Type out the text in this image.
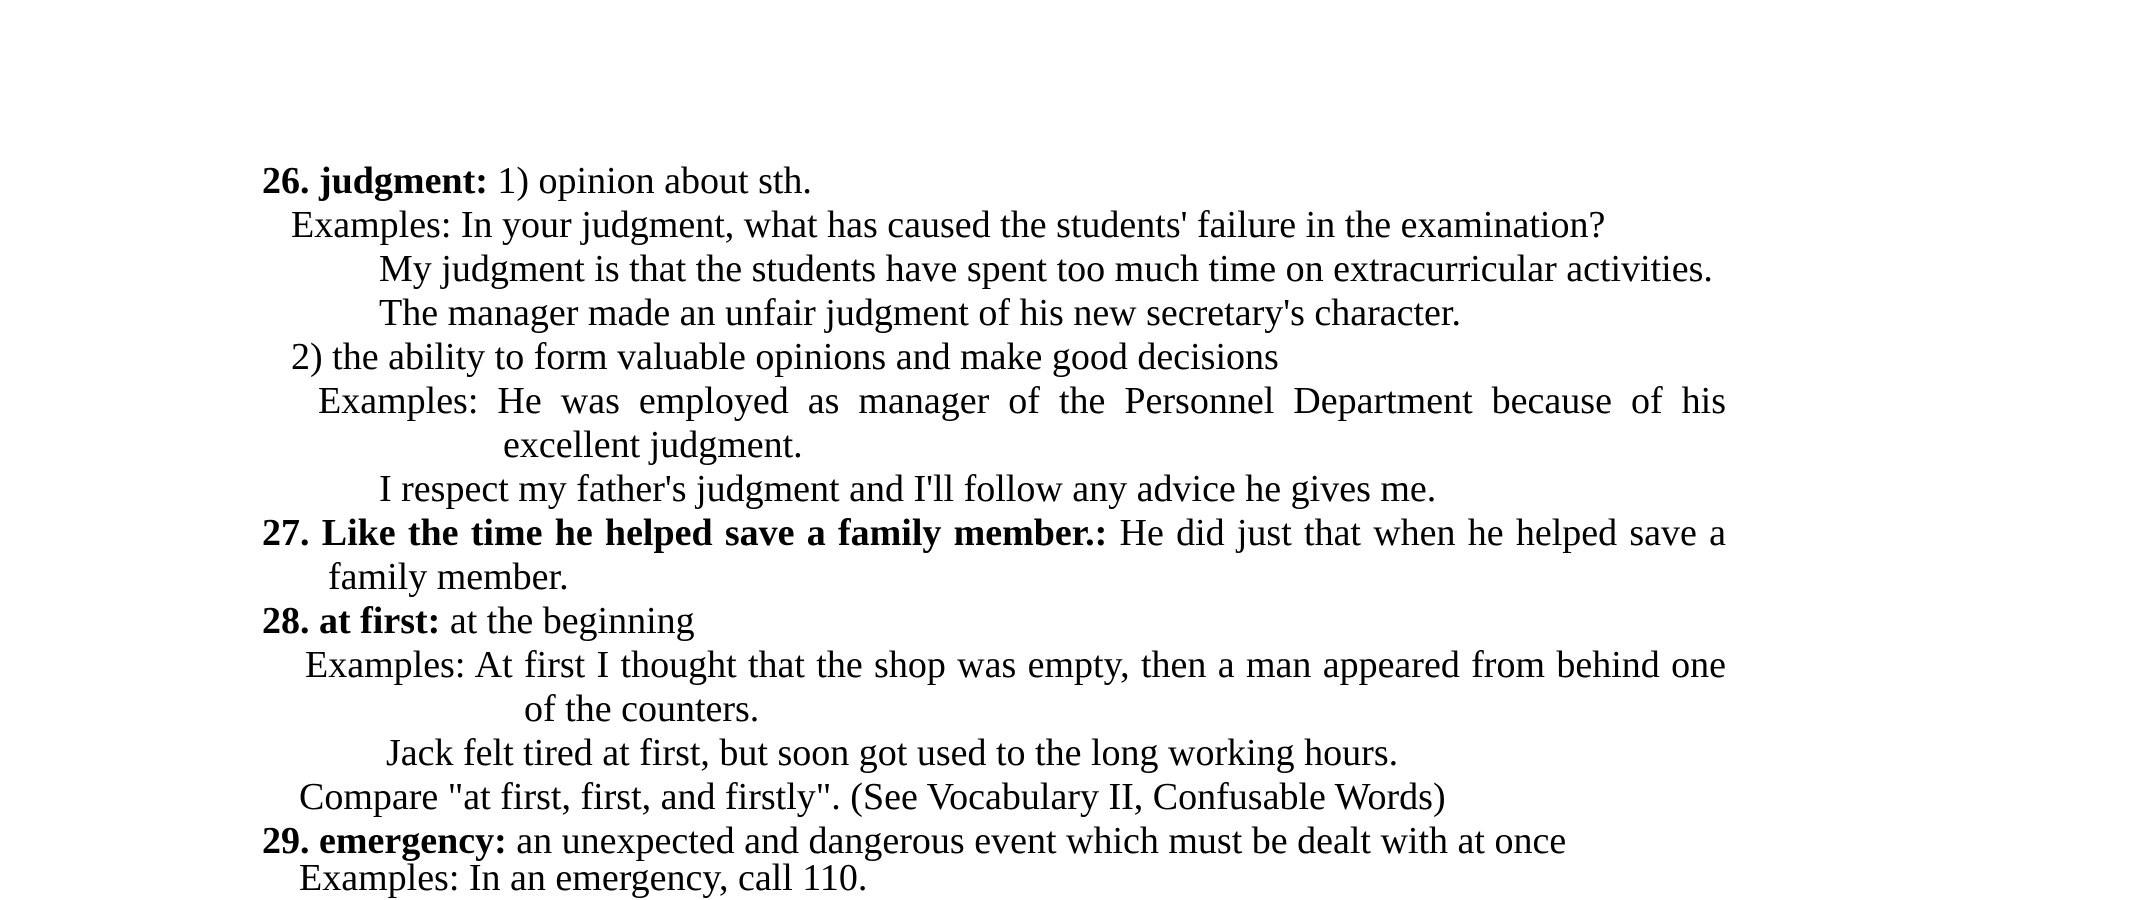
26. judgment: 1) opinion about sth.
Examples: In your judgment, what has caused the students' failure in the examination?
My judgment is that the students have spent too much time on extracurricular activities.
The manager made an unfair judgment of his new secretary's character.
2) the ability to form valuable opinions and make good decisions
Examples: He was employed as manager of the Personnel Department because of his
excellent judgment.
I respect my father's judgment and I'll follow any advice he gives me.
27. Like the time he helped save a family member.: He did just that when he helped save a
family member.
28. at first: at the beginning
Examples: At first I thought that the shop was empty, then a man appeared from behind one
of the counters.
Jack felt tired at first, but soon got used to the long working hours.
Compare "at first, first, and firstly". (See Vocabulary II, Confusable Words)
29. emergency: an unexpected and dangerous event which must be dealt with at once
Examples: In an emergency, call 110.
